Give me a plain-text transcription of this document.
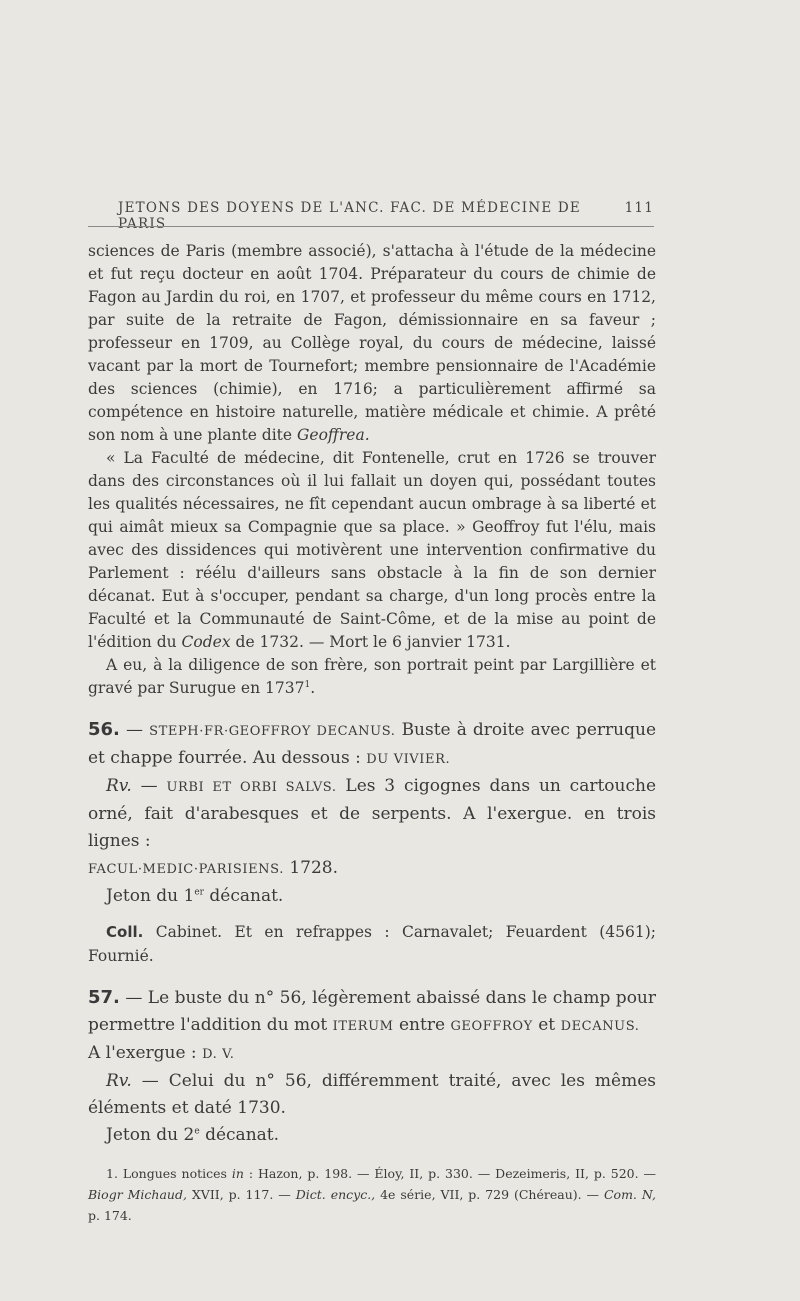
JETONS DES DOYENS DE L'ANC. FAC. DE MÉDECINE DE PARIS
111

sciences de Paris (membre associé), s'attacha à l'étude de la médecine et fut reçu docteur en août 1704. Préparateur du cours de chimie de Fagon au Jardin du roi, en 1707, et professeur du même cours en 1712, par suite de la retraite de Fagon, démissionnaire en sa faveur ; professeur en 1709, au Collège royal, du cours de médecine, laissé vacant par la mort de Tournefort; membre pensionnaire de l'Académie des sciences (chimie), en 1716; a particulièrement affirmé sa compétence en histoire naturelle, matière médicale et chimie. A prêté son nom à une plante dite Geoffrea.

« La Faculté de médecine, dit Fontenelle, crut en 1726 se trouver dans des circonstances où il lui fallait un doyen qui, possédant toutes les qualités nécessaires, ne fît cependant aucun ombrage à sa liberté et qui aimât mieux sa Compagnie que sa place. » Geoffroy fut l'élu, mais avec des dissidences qui motivèrent une intervention confirmative du Parlement : réélu d'ailleurs sans obstacle à la fin de son dernier décanat. Eut à s'occuper, pendant sa charge, d'un long procès entre la Faculté et la Communauté de Saint-Côme, et de la mise au point de l'édition du Codex de 1732. — Mort le 6 janvier 1731.

A eu, à la diligence de son frère, son portrait peint par Largillière et gravé par Surugue en 1737$^1$.

56. — STEPH·FR·GEOFFROY DECANUS. Buste à droite avec perruque et chappe fourrée. Au dessous : DU VIVIER.

Rv. — URBI ET ORBI SALVS. Les 3 cigognes dans un cartouche orné, fait d'arabesques et de serpents. A l'exergue. en trois lignes :
FACUL·MEDIC·PARISIENS. 1728.

Jeton du 1er décanat.

Coll. Cabinet. Et en refrappes : Carnavalet; Feuardent (4561); Fournié.

57. — Le buste du n° 56, légèrement abaissé dans le champ pour permettre l'addition du mot ITERUM entre GEOFFROY et DECANUS.
A l'exergue : D. V.

Rv. — Celui du n° 56, différemment traité, avec les mêmes éléments et daté 1730.

Jeton du 2e décanat.

1. Longues notices in : Hazon, p. 198. — Éloy, II, p. 330. — Dezeimeris, II, p. 520. — Biogr Michaud, XVII, p. 117. — Dict. encyc., 4e série, VII, p. 729 (Chéreau). — Com. N, p. 174.
